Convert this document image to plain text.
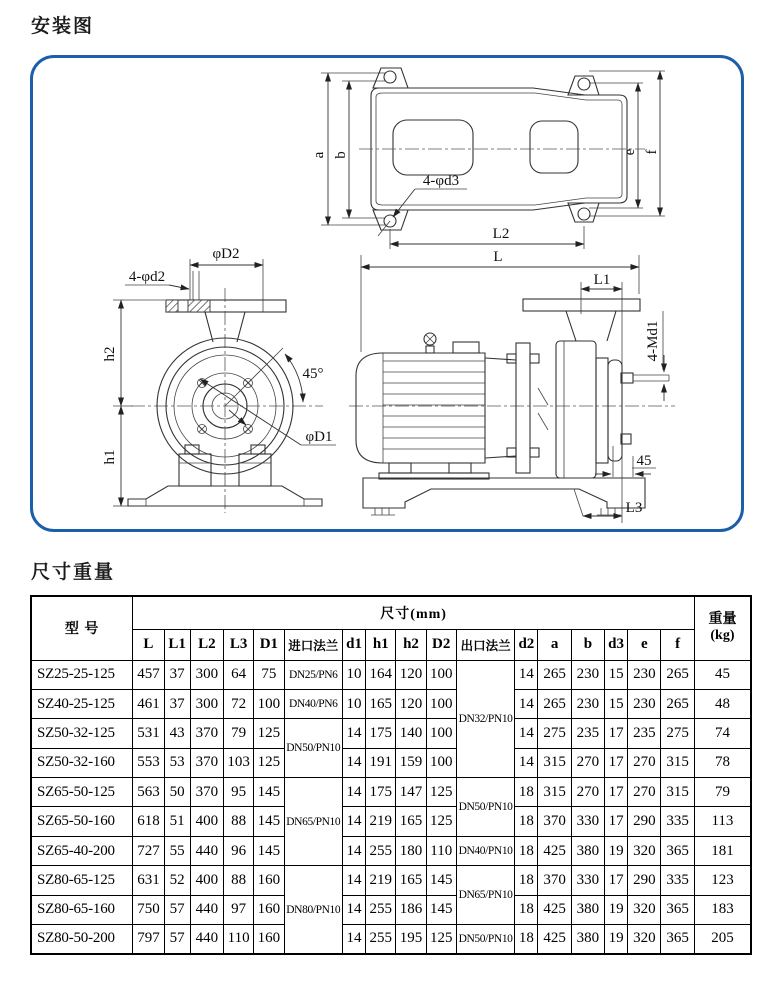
安装图
a b	e f
4-φd3
L2
L
φD2
4-φd2
h2
h1
45°
φD1
L1
4-Md1
45
L3
尺寸重量
型 号	尺寸(mm)																	重量
(kg)

	L	L1	L2	L3	D1	进口法兰	d1	h1	h2	D2	出口法兰	d2	a	b	d3	e	f	
SZ25-25-125	457	37	300	64	75	DN25/PN6	10	164	120	100	DN32/PN10	14	265	230	15	230	265	45
SZ40-25-125	461	37	300	72	100	DN40/PN6	10	165	120	100		14	265	230	15	230	265	48
SZ50-32-125	531	43	370	79	125	DN50/PN10	14	175	140	100		14	275	235	17	235	275	74
SZ50-32-160	553	53	370	103	125		14	191	159	100		14	315	270	17	270	315	78
SZ65-50-125	563	50	370	95	145	DN65/PN10	14	175	147	125	DN50/PN10	18	315	270	17	270	315	79
SZ65-50-160	618	51	400	88	145		14	219	165	125		18	370	330	17	290	335	113
SZ65-40-200	727	55	440	96	145		14	255	180	110	DN40/PN10	18	425	380	19	320	365	181
SZ80-65-125	631	52	400	88	160	DN80/PN10	14	219	165	145	DN65/PN10	18	370	330	17	290	335	123
SZ80-65-160	750	57	440	97	160		14	255	186	145		18	425	380	19	320	365	183
SZ80-50-200	797	57	440	110	160		14	255	195	125	DN50/PN10	18	425	380	19	320	365	205
